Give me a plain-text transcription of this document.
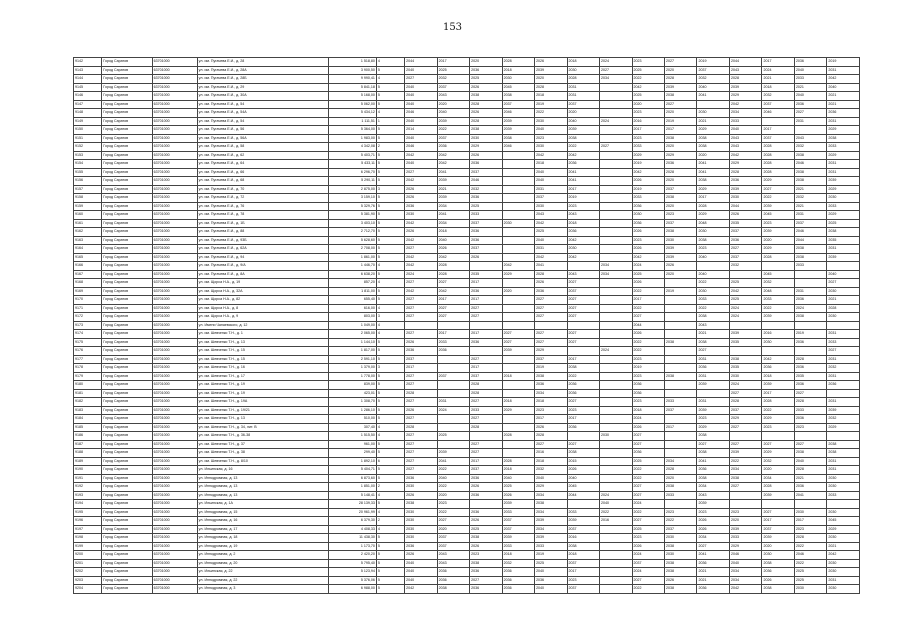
153
9142	Город Саратов	63701000	ул. им. Пугачева Е.И., д. 28	1 518,80	4	2044	2017	2020	2028	2026	2018	2024	2023	2027	2019	2044	2017	2036	2019
9143	Город Саратов	63701000	ул. им. Пугачева Е.И., д. 28А	3 900,50	5	2040	2025	2036	2018	2039	2030	2027	2025	2020	2037	2043	2024	2040	2031
9144	Город Саратов	63701000	ул. им. Пугачева Е.И., д. 28Б	9 990,41	4	2027	2032	2025	2030	2020	2028	2034	2022	2028	2032	2028	2021	2033	2042
9145	Город Саратов	63701000	ул. им. Пугачева Е.И., д. 29	5 841,18	5	2040	2037	2026	2045	2028	2031		2042	2039	2040	2039	2018	2021	2040
9146	Город Саратов	63701000	ул. им. Пугачева Е.И., д. 30А	5 168,00	5	2040	2043	2038	2038	2018	2031		2025	2038	2041	2029	2032	2040	2021
9147	Город Саратов	63701000	ул. им. Пугачева Е.И., д. 54	5 062,00	5	2040	2020	2028	2037	2019	2037		2020	2027		2042	2037	2036	2021
9148	Город Саратов	63701000	ул. им. Пугачева Е.И., д. 54А	5 434,12	4	2046	2040	2026	2046	2022	2020		2023	2020	2030	2034	2046	2027	2036
9149	Город Саратов	63701000	ул. им. Пугачева Е.И., д. 54	1 111,51	1	2040	2039	2028	2039	2030	2040	2024	2016	2019	2021	2033		2031	2031
9150	Город Саратов	63701000	ул. им. Пугачева Е.И., д. 56	5 364,00	5	2014	2022	2038	2039	2040	2039		2017	2017	2029	2040	2017		2029
9151	Город Саратов	63701000	ул. им. Пугачева Е.И., д. 56А	1 983,00	5	2040	2037	2030	2038	2023	2038		2023	2038	2038	2043	2037	2043	2038
9152	Город Саратов	63701000	ул. им. Пугачева Е.И., д. 58	4 342,08	2	2046	2036	2029	2046	2030	2022	2027	2033	2020	2038	2043	2028	2032	2033
9153	Город Саратов	63701000	ул. им. Пугачева Е.И., д. 62	5 403,71	5	2042	2042	2026		2042	2042		2029	2029	2020	2042	2028	2038	2029
9154	Город Саратов	63701000	ул. им. Пугачева Е.И., д. 64	5 433,11	5	2040	2042	2036		2018	2036		2019	2036	2041	2029	2028	2046	2031
9155	Город Саратов	63701000	ул. им. Пугачева Е.И., д. 66	6 296,70	5	2027	2041	2037		2040	2041		2042	2028	2041	2028	2028	2038	2031
9156	Город Саратов	63701000	ул. им. Пугачева Е.И., д. 68	5 290,11	5	2042	2039	2046		2040	2041		2026	2020	2038	2036	2029	2038	2039
9157	Город Саратов	63701000	ул. им. Пугачева Е.И., д. 70	2 875,00	3	2026	2021	2032		2031	2017		2019	2037	2029	2039	2027	2021	2029
9158	Город Саратов	63701000	ул. им. Пугачева Е.И., д. 72	3 159,10	5	2026	2039	2036		2037	2019		2033	2038	2017	2030	2022	2032	2030
9159	Город Саратов	63701000	ул. им. Пугачева Е.И., д. 76	5 329,76	5	2036	2034	2025		2030	2023		2036	2020	2028	2044	2039	2021	2033
9160	Город Саратов	63701000	ул. им. Пугачева Е.И., д. 78	5 381,90	5	2030	2041	2033		2043	2043		2030	2023	2029	2026	2045	2031	2029
9161	Город Саратов	63701000	ул. им. Пугачева Е.И., д. 1Б	3 403,10	5	2042	2034	2037	2030	2042	2018		2036	2037	2048	2035	2023	2037	2025
9162	Город Саратов	63701000	ул. им. Пугачева Е.И., д. 88	2 712,70	5	2026	2018	2036		2025	2036		2026	2038	2030	2037	2039	2046	2038
9163	Город Саратов	63701000	ул. им. Пугачева Е.И., д. 93Б	5 628,60	5	2042	2040	2036		2040	2042		2023	2030	2038	2036	2020	2044	2035
9164	Город Саратов	63701000	ул. им. Пугачева Е.И., д. 62А	2 708,00	5	2027	2026	2037		2031	2030		2026	2039	2023	2027	2029	2038	2031
9165	Город Саратов	63701000	ул. им. Пугачева Е.И., д. 94	1 861,00	5	2042	2042	2026		2042	2042		2042	2039	2040	2037	2028	2038	2039
9166	Город Саратов	63701000	ул. им. Пугачева Е.И., д. 9/А	1 446,70	4	2042	2028		2042	2041		2034	2024	2026		2032		2033	
9167	Город Саратов	63701000	ул. им. Пугачева Е.И., д. 8А	6 638,20	5	2024	2028	2035	2029	2028	2043	2034	2025	2020	2040		2045		2040
9168	Город Саратов	63701000	ул. им. Щорса Н.А., д. 19	857,20	4	2027	2027	2017		2026	2027		2026		2022	2025	2032		2027
9169	Город Саратов	63701000	ул. им. Щорса Н.А., д. 32А	1 811,00	5	2042	2042	2036	2020	2036	2037		2022	2019	2030	2042	2048	2031	2030
9170	Город Саратов	63701000	ул. им. Щорса Н.А., д. 82	655,40	5	2027	2017	2017		2027	2027		2017		2033	2025	2033	2036	2021
9171	Город Саратов	63701000	ул. им. Щорса Н.А., д. 8	616,00	4	2027	2027	2027		2027	2027		2022		2022	2024	2022	2024	2028
9172	Город Саратов	63701000	ул. им. Щорса Н.А., д. 9	803,00	3	2027	2027	2027		2027	2027		2027		2038	2024	2039	2038	2030
9173	Город Саратов	63701000	ул. Имени Чапаевского, д. 12	1 049,00	4								2044		2043				
9174	Город Саратов	63701000	ул. им. Шевченко Т.Н., д. 1	2 065,00	4	2027	2017	2017	2027	2027	2027		2026		2021	2039	2016	2019	2031
9175	Город Саратов	63701000	ул. им. Шевченко Т.Н., д. 13	1 144,10	5	2026	2033	2036	2027	2027	2027		2022	2038	2038	2035	2030	2036	2033
9176	Город Саратов	63701000	ул. им. Шевченко Т.Н., д. 15	1 817,00	5	2036	2036		2039	2029		2024	2022		2027				2027
9177	Город Саратов	63701000	ул. им. Шевченко Т.Н., д. 15	2 591,10	5	2037		2027		2037	2017		2023		2031	2038	2042	2028	2031
9178	Город Саратов	63701000	ул. им. Шевченко Т.Н., д. 16	1 379,00	3	2017		2017		2019	2038		2019		2036	2035	2036	2036	2032
9179	Город Саратов	63701000	ул. им. Шевченко Т.Н., д. 17	1 778,00	5	2027	2037	2037	2018	2038	2022		2023	2038	2031	2030	2018	2035	2031
9180	Город Саратов	63701000	ул. им. Шевченко Т.Н., д. 19	839,00	5	2027		2028		2036	2036		2036		2039	2024	2039	2036	2036
9181	Город Саратов	63701000	ул. им. Шевченко Т.Н., д. 19	423,01	5	2028		2028		2034	2036		2036			2027	2017	2027	
9182	Город Саратов	63701000	ул. им. Шевченко Т.Н., д. 19А	1 308,70	5	2027	2031	2027	2018	2018	2027		2023	2033	2031	2028	2028	2028	2031
9183	Город Саратов	63701000	ул. им. Шевченко Т.Н., д. 19/21	1 286,10	5	2026	2024	2033	2029	2023	2023		2018	2037	2039	2037	2022	2033	2039
9184	Город Саратов	63701000	ул. им. Шевченко Т.Н., д. 13	510,00	5	2027		2027		2017	2017		2024		2023	2029	2029	2036	2032
9185	Город Саратов	63701000	ул. им. Шевченко Т.Н., д. 34, лит. В	307,40	4	2028		2028		2026	2036		2026	2017	2029	2027	2023	2023	2029
9186	Город Саратов	63701000	ул. им. Шевченко Т.Н., д. 36-38	1 515,50	4	2027	2025		2028	2028		2030	2027		2038				
9187	Город Саратов	63701000	ул. им. Шевченко Т.Н., д. 37	961,00	5	2027		2027		2027	2027		2027		2027	2027	2027	2027	2038
9188	Город Саратов	63701000	ул. им. Шевченко Т.Н., д. 38	299,40	5	2027	2039	2027		2016	2038		2036		2038	2039	2029	2038	2038
9189	Город Саратов	63701000	ул. им. Шевченко Т.Н., д. 8/10	1 892,10	6	2027	2041	2017	2028	2018	2015		2025	2034	2041	2022	2032	2040	2031
9190	Город Саратов	63701000	ул. Ильинская, д. 16	5 404,71	5	2027	2022	2037	2018	2032	2026		2022	2028	2036	2034	2020	2028	2031
9191	Город Саратов	63701000	ул. Ипподромная, д. 13	6 873,60	5	2036	2040	2036	2040	2040	2040		2022	2020	2038	2038	2034	2021	2030
9192	Город Саратов	63701000	ул. Ипподромная, д. 13	1 851,00	2	2030	2022	2026	2025	2029	2045		2027	2038	2034	2027	2028	2036	2030
9193	Город Саратов	63701000	ул. Ипподромная, д. 13	5 148,41	4	2026	2020	2036	2026	2034	2044	2024	2027	2033	2043		2039	2041	2033
9194	Город Саратов	63701000	ул. Ильинская, д. 1А	28 139,33	5	2038	2023		2039	2038		2040	2024		2039				
9195	Город Саратов	63701000	ул. Ипподромная, д. 15	20 961,99	4	2030	2022	2036	2033	2034	2033	2022	2022	2023	2023	2023	2027	2030	2030
9196	Город Саратов	63701000	ул. Ипподромная, д. 16	6 379,30	2	2030	2027	2026	2037	2039	2039	2016	2027	2022	2026	2020	2017	2017	2045
9197	Город Саратов	63701000	ул. Ипподромная, д. 17	4 408,33	4	2030	2020	2025	2037	2034	2037		2025	2037	2026	2039	2037	2023	2029
9198	Город Саратов	63701000	ул. Ипподромная, д. 18	11 438,30	5	2030	2037	2038	2039	2039	2016		2023	2030	2034	2033	2039	2028	2030
9199	Город Саратов	63701000	ул. Ипподромная, д. 19	1 173,70	5	2036	2037	2026	2033	2033	2038		2026	2038	2027	2029	2020	2022	2021
9200	Город Саратов	63701000	ул. Ипподромная, д. 2	2 420,20	5	2026	2043	2023	2018	2019	2018		2024	2030	2041	2046	2030	2046	2042
9201	Город Саратов	63701000	ул. Ипподромная, д. 20	5 795,40	5	2040	2043	2038	2032	2025	2037		2037	2038	2036	2040	2038	2022	2030
9202	Город Саратов	63701000	ул. Ильинская, д. 22	5 123,94	5	2040	2036	2036	2036	2040	2017		2024	2038	2021	2034	2036	2025	2030
9203	Город Саратов	63701000	ул. Ипподромная, д. 22	5 376,06	5	2040	2036	2027	2036	2036	2023		2027	2026	2021	2034	2026	2025	2031
9204	Город Саратов	63701000	ул. Ипподромная, д. 3	6 988,00	5	2042	2038	2036	2036	2040	2037		2022	2038	2036	2042	2038	2030	2030
